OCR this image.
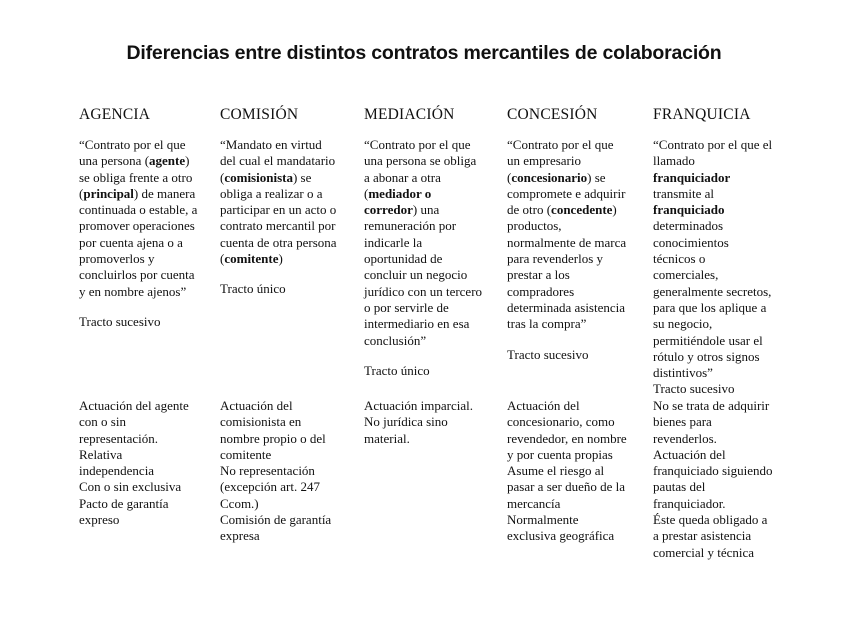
Diferencias entre distintos contratos mercantiles de colaboración
AGENCIA
“Contrato por el que
una persona (agente)
se obliga frente a otro
(principal) de manera
continuada o estable, a
promover operaciones
por cuenta ajena o a
promoverlos y
concluirlos por cuenta
y en nombre ajenos”
Tracto sucesivo
COMISIÓN
“Mandato en virtud
del cual el mandatario
(comisionista) se
obliga a realizar o a
participar en un acto o
contrato mercantil por
cuenta de otra persona
(comitente)
Tracto único
MEDIACIÓN
“Contrato por el que
una persona se obliga
a abonar a otra
(mediador o
corredor) una
remuneración por
indicarle la
oportunidad de
concluir un negocio
jurídico con un tercero
o por servirle de
intermediario en esa
conclusión”
Tracto único
CONCESIÓN
“Contrato por el que
un empresario
(concesionario) se
compromete e adquirir
de otro (concedente)
productos,
normalmente de marca
para revenderlos y
prestar a los
compradores
determinada asistencia
tras la compra”
Tracto sucesivo
FRANQUICIA
“Contrato por el que el
llamado
franquiciador
transmite al
franquiciado
determinados
conocimientos
técnicos o
comerciales,
generalmente secretos,
para que los aplique a
su negocio,
permitiéndole usar el
rótulo y otros signos
distintivos”
Tracto sucesivo
Actuación del agente
con o sin
representación.
Relativa
independencia
Con o sin exclusiva
Pacto de garantía
expreso
Actuación del
comisionista en
nombre propio o del
comitente
No representación
(excepción art. 247
Ccom.)
Comisión de garantía
expresa
Actuación imparcial.
No jurídica sino
material.
Actuación del
concesionario, como
revendedor, en nombre
y por cuenta propias
Asume el riesgo al
pasar a ser dueño de la
mercancía
Normalmente
exclusiva geográfica
No se trata de adquirir
bienes para
revenderlos.
Actuación del
franquiciado siguiendo
pautas del
franquiciador.
Éste queda obligado a
a prestar asistencia
comercial y técnica
